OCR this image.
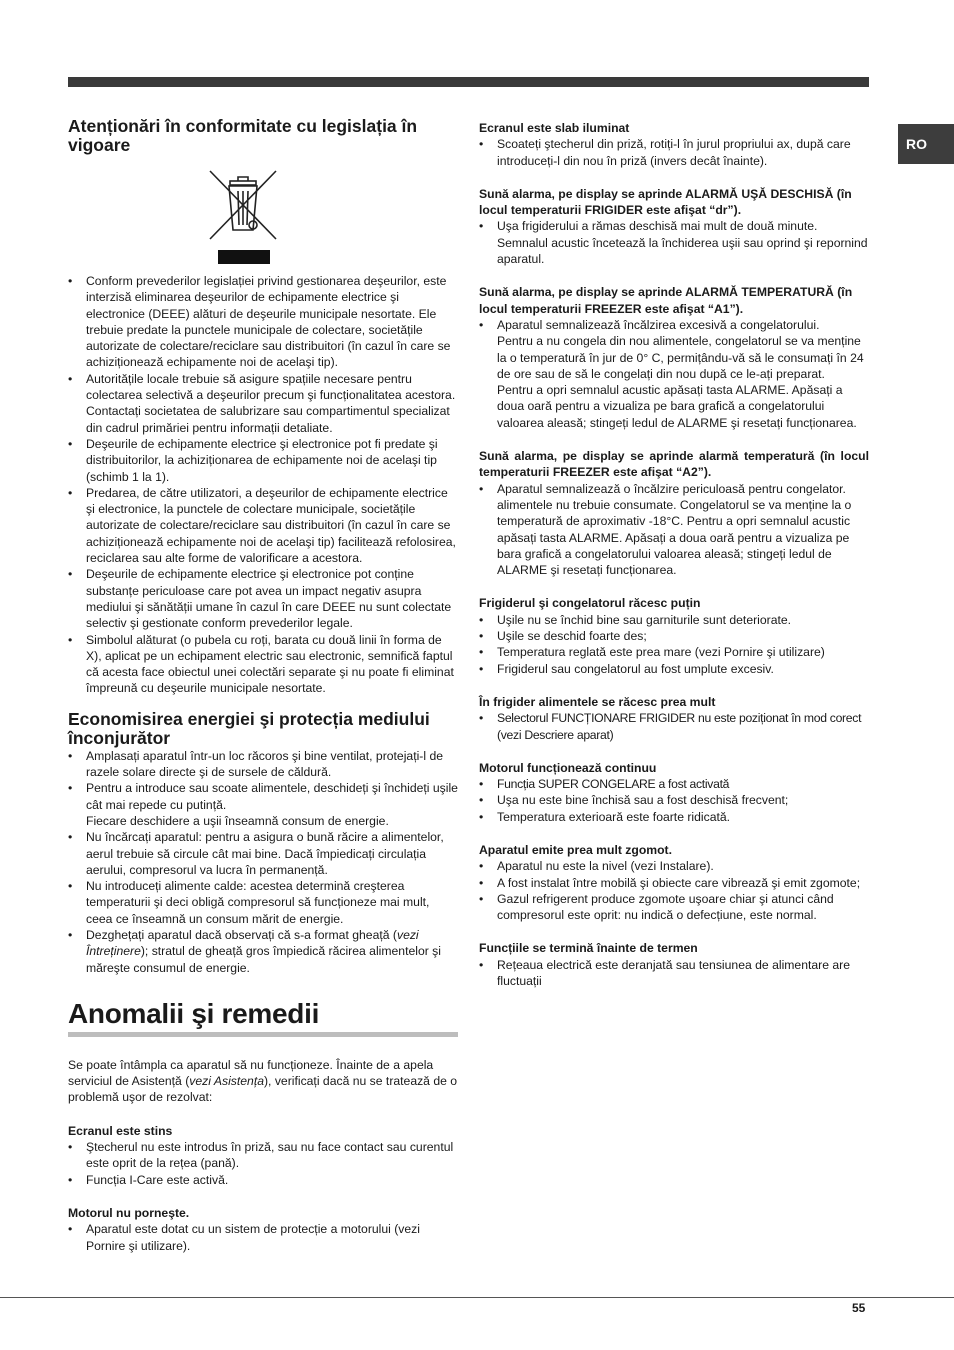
RO
Atenționări în conformitate cu legislația în vigoare
• Conform prevederilor legislației privind gestionarea deşeurilor, este interzisă eliminarea deşeurilor de echipamente electrice şi electronice (DEEE) alături de deşeurile municipale nesortate. Ele trebuie predate la punctele municipale de colectare, societățile autorizate de colectare/reciclare sau distribuitori (în cazul în care se achiziționează echipamente noi de acelaşi tip).
• Autoritățile locale trebuie să asigure spațiile necesare pentru colectarea selectivă a deşeurilor precum şi funcționalitatea acestora. Contactați societatea de salubrizare sau compartimentul specializat din cadrul primăriei pentru informații detaliate.
• Deşeurile de echipamente electrice şi electronice pot fi predate şi distribuitorilor, la achiziționarea de echipamente noi de acelaşi tip (schimb 1 la 1).
• Predarea, de către utilizatori, a deşeurilor de echipamente electrice şi electronice, la punctele de colectare municipale, societățile autorizate de colectare/reciclare sau distribuitori (în cazul în care se achiziționează echipamente noi de acelaşi tip) facilitează refolosirea, reciclarea sau alte forme de valorificare a acestora.
• Deşeurile de echipamente electrice şi electronice pot conține substanțe periculoase care pot avea un impact negativ asupra mediului şi sănătății umane în cazul în care DEEE nu sunt colectate selectiv şi gestionate conform prevederilor legale.
• Simbolul alăturat (o pubela cu roți, barata cu două linii în forma de X), aplicat pe un echipament electric sau electronic, semnifică faptul că acesta face obiectul unei colectări separate şi nu poate fi eliminat împreună cu deşeurile municipale nesortate.
Economisirea energiei şi protecția mediului înconjurător
• Amplasați aparatul într-un loc răcoros şi bine ventilat, protejați-l de razele solare directe şi de sursele de căldură.
• Pentru a introduce sau scoate alimentele, deschideți şi închideți uşile cât mai repede cu putință.
Fiecare deschidere a uşii înseamnă consum de energie.
• Nu încărcați aparatul: pentru a asigura o bună răcire a alimentelor, aerul trebuie să circule cât mai bine. Dacă împiedicați circulația aerului, compresorul va lucra în permanență.
• Nu introduceți alimente calde: acestea determină creşterea temperaturii şi deci obligă compresorul să funcționeze mai mult, ceea ce înseamnă un consum mărit de energie.
• Dezghețați aparatul dacă observați că s-a format gheață (vezi Întreținere); stratul de gheață gros împiedică răcirea alimentelor şi măreşte consumul de energie.
Anomalii şi remedii

Se poate întâmpla ca aparatul să nu funcționeze. Înainte de a apela serviciul de Asistență (vezi Asistența), verificați dacă nu se tratează de o problemă uşor de rezolvat:

Ecranul este stins
• Ştecherul nu este introdus în priză, sau nu face contact sau curentul este oprit de la rețea (pană).
• Funcția I-Care este activă.
Motorul nu porneşte.
• Aparatul este dotat cu un sistem de protecție a motorului (vezi Pornire şi utilizare).
Ecranul este slab iluminat
• Scoateți ştecherul din priză, rotiți-l în jurul propriului ax, după care introduceți-l din nou în priză (invers decât înainte).
Sună alarma, pe display se aprinde ALARMĂ UŞĂ DESCHISĂ (în locul temperaturii FRIGIDER este afişat “dr”).
• Uşa frigiderului a rămas deschisă mai mult de două minute. Semnalul acustic încetează la închiderea uşii sau oprind şi repornind aparatul.
Sună alarma, pe display se aprinde ALARMĂ TEMPERATURĂ (în locul temperaturii FREEZER este afişat “A1”).
• Aparatul semnalizează încălzirea excesivă a congelatorului.
Pentru a nu congela din nou alimentele, congelatorul se va menține la o temperatură în jur de 0° C, permițându-vă să le consumați în 24 de ore sau de să le congelați din nou după ce le-ați preparat.
Pentru a opri semnalul acustic apăsați tasta ALARME. Apăsați a doua oară pentru a vizualiza pe bara grafică a congelatorului valoarea aleasă; stingeți ledul de ALARME şi resetați funcționarea.
Sună alarma, pe display se aprinde alarmă temperatură (în locul temperaturii FREEZER este afişat “A2”).
• Aparatul semnalizează o încălzire periculoasă pentru congelator. alimentele nu trebuie consumate. Congelatorul se va menține la o temperatură de aproximativ -18°C. Pentru a opri semnalul acustic apăsați tasta ALARME. Apăsați a doua oară pentru a vizualiza pe bara grafică a congelatorului valoarea aleasă; stingeți ledul de ALARME şi resetați funcționarea.
Frigiderul şi congelatorul răcesc puțin
• Uşile nu se închid bine sau garniturile sunt deteriorate.
• Uşile se deschid foarte des;
• Temperatura reglată este prea mare (vezi Pornire şi utilizare)
• Frigiderul sau congelatorul au fost umplute excesiv.
În frigider alimentele se răcesc prea mult
• Selectorul FUNCȚIONARE FRIGIDER nu este poziționat în mod corect (vezi Descriere aparat)
Motorul funcționează continuu
• Funcția SUPER CONGELARE a fost activată
• Uşa nu este bine închisă sau a fost deschisă frecvent;
• Temperatura exterioară este foarte ridicată.
Aparatul emite prea mult zgomot.
• Aparatul nu este la nivel (vezi Instalare).
• A fost instalat între mobilă şi obiecte care vibrează şi emit zgomote;
• Gazul refrigerent produce zgomote uşoare chiar şi atunci când compresorul este oprit: nu indică o defecțiune, este normal.
Funcțiile se termină înainte de termen
• Rețeaua electrică este deranjată sau tensiunea de alimentare are fluctuații
55
